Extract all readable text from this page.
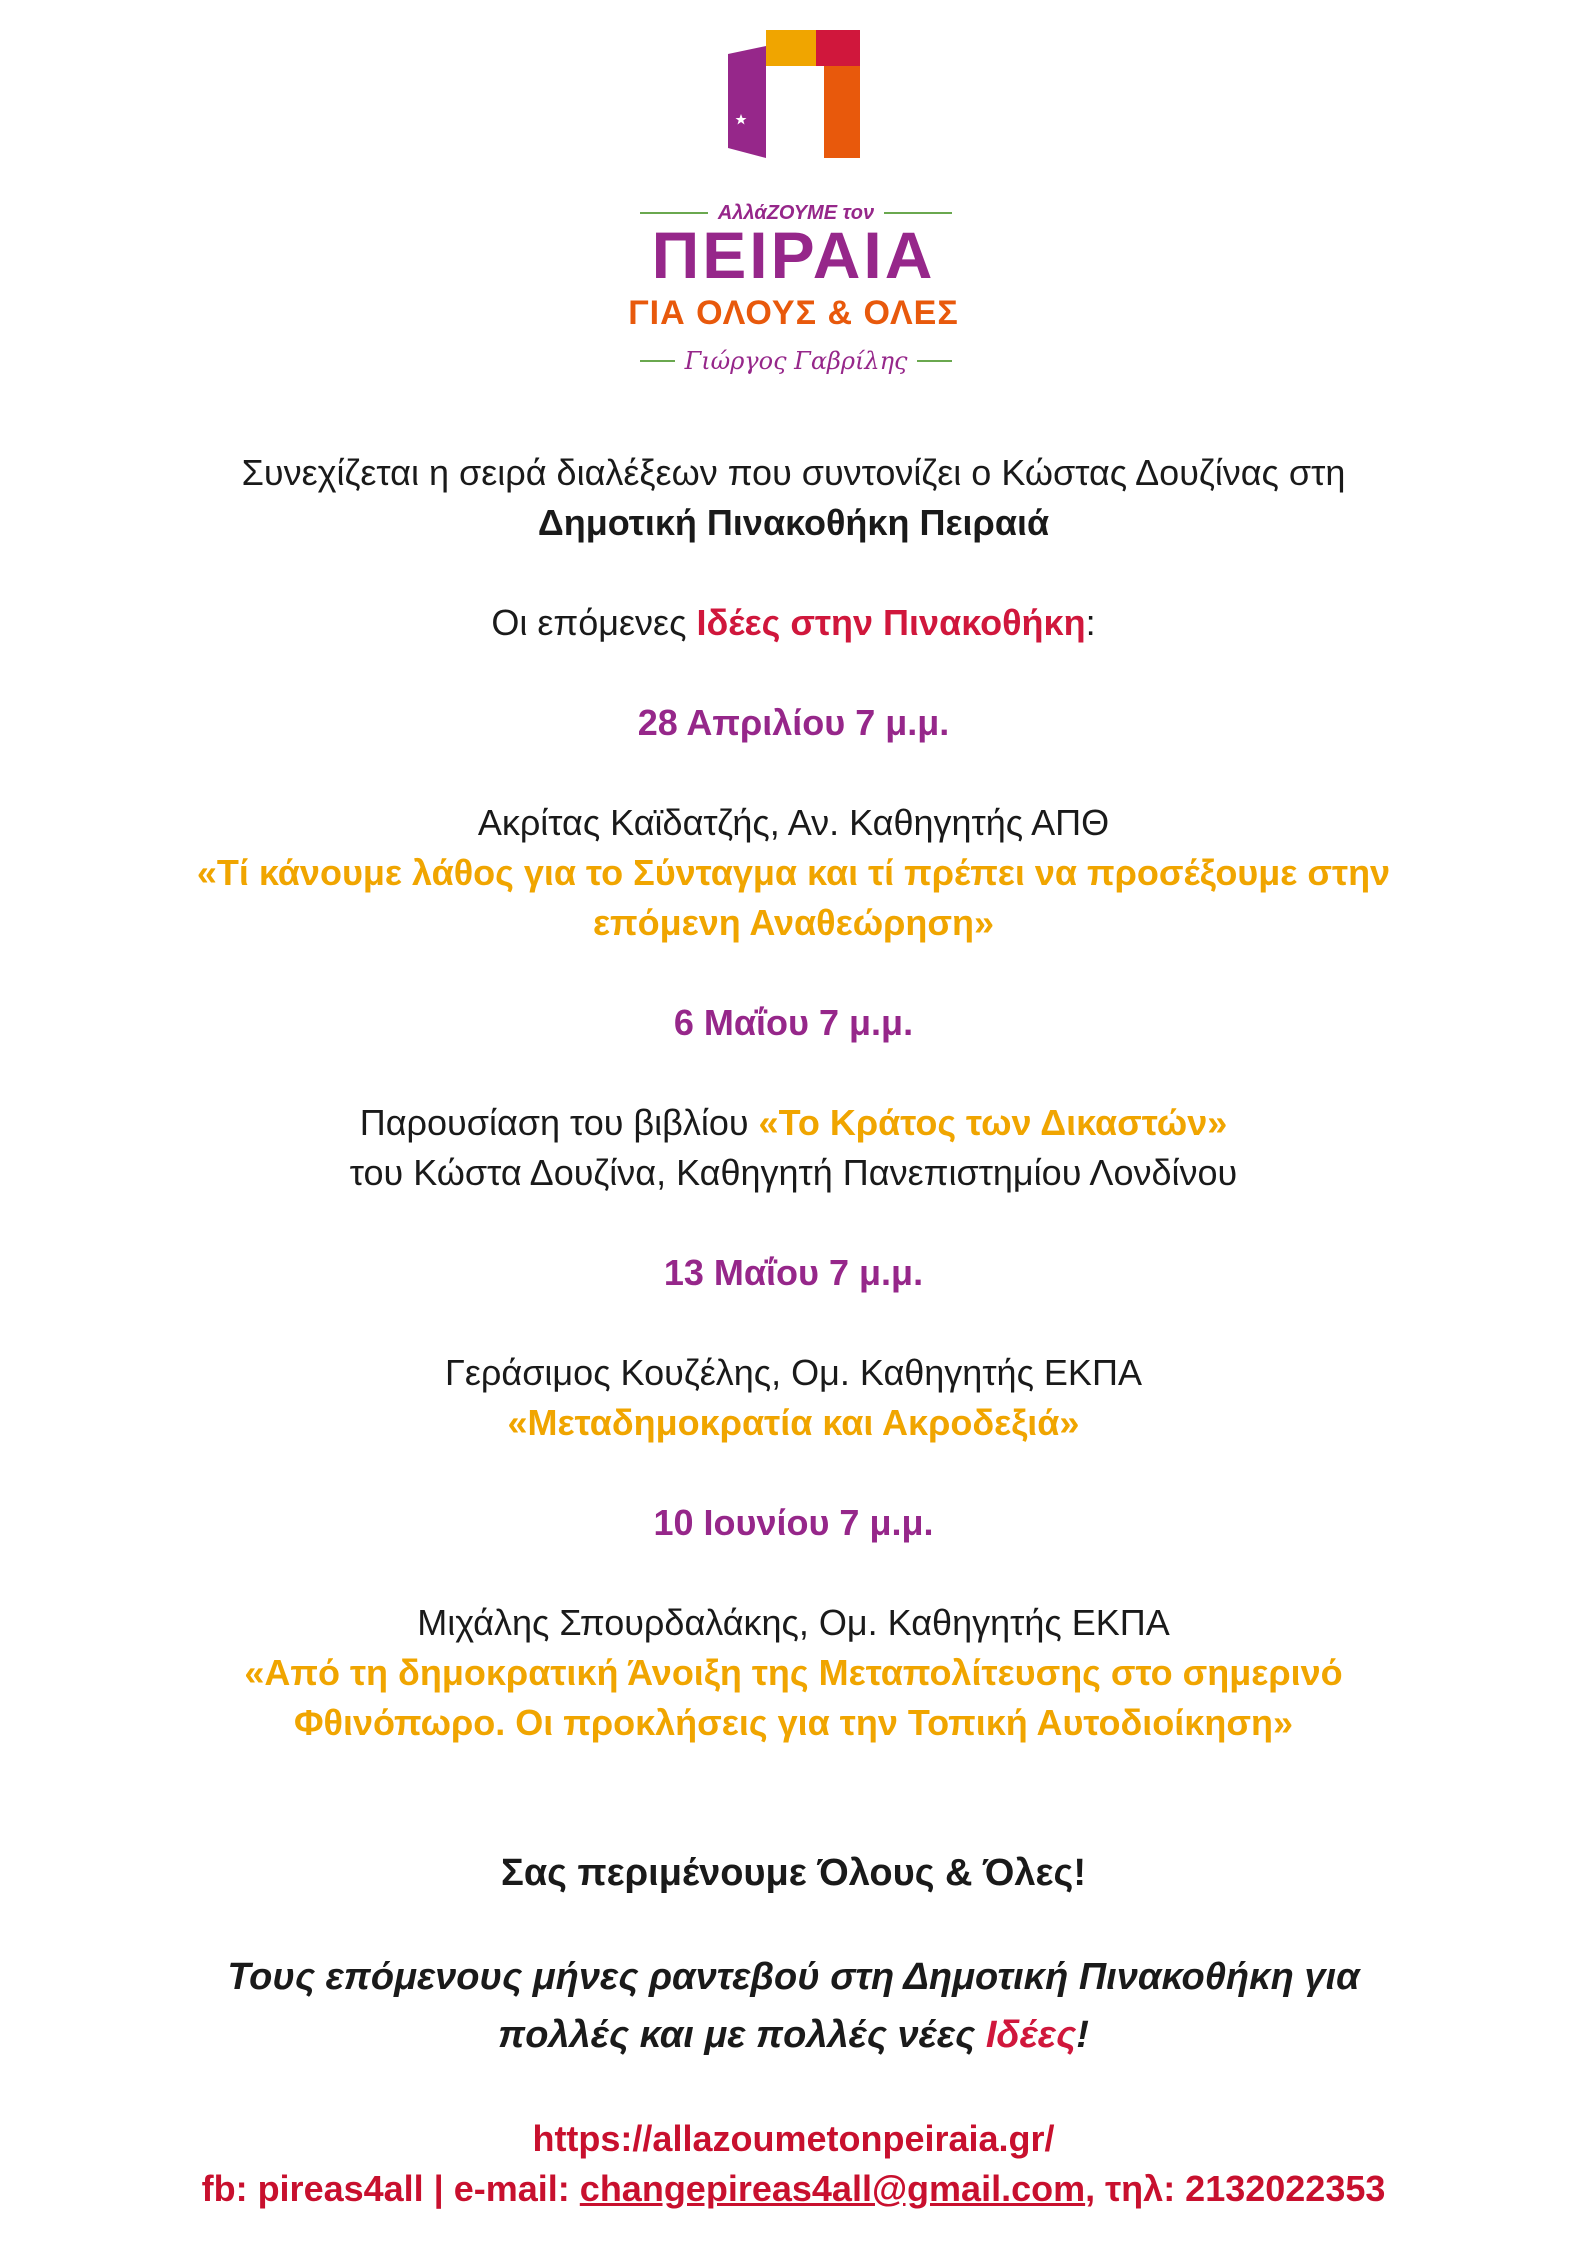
ΑλλάΖΟΥΜΕ τον
ΠΕΙΡΑΙΑ
ΓΙΑ ΟΛΟΥΣ & ΟΛΕΣ
Γιώργος Γαβρίλης

Συνεχίζεται η σειρά διαλέξεων που συντονίζει ο Κώστας Δουζίνας στη

Δημοτική Πινακοθήκη Πειραιά

Οι επόμενες Ιδέες στην Πινακοθήκη:

28 Απριλίου 7 μ.μ.

Ακρίτας Καϊδατζής, Αν. Καθηγητής ΑΠΘ

«Τί κάνουμε λάθος για το Σύνταγμα και τί πρέπει να προσέξουμε στην

επόμενη Αναθεώρηση»

6 Μαΐου 7 μ.μ.

Παρουσίαση του βιβλίου «Το Κράτος των Δικαστών»

του Κώστα Δουζίνα, Καθηγητή Πανεπιστημίου Λονδίνου

13 Μαΐου 7 μ.μ.

Γεράσιμος Κουζέλης, Ομ. Καθηγητής ΕΚΠΑ

«Μεταδημοκρατία και Ακροδεξιά»

10 Ιουνίου 7 μ.μ.

Μιχάλης Σπουρδαλάκης, Ομ. Καθηγητής ΕΚΠΑ

«Από τη δημοκρατική Άνοιξη της Μεταπολίτευσης στο σημερινό

Φθινόπωρο. Οι προκλήσεις για την Τοπική Αυτοδιοίκηση»

Σας περιμένουμε Όλους & Όλες!

Τους επόμενους μήνες ραντεβού στη Δημοτική Πινακοθήκη για

πολλές και με πολλές νέες Ιδέες!

https://allazoumetonpeiraia.gr/

fb: pireas4all | e-mail: changepireas4all@gmail.com, τηλ: 2132022353
